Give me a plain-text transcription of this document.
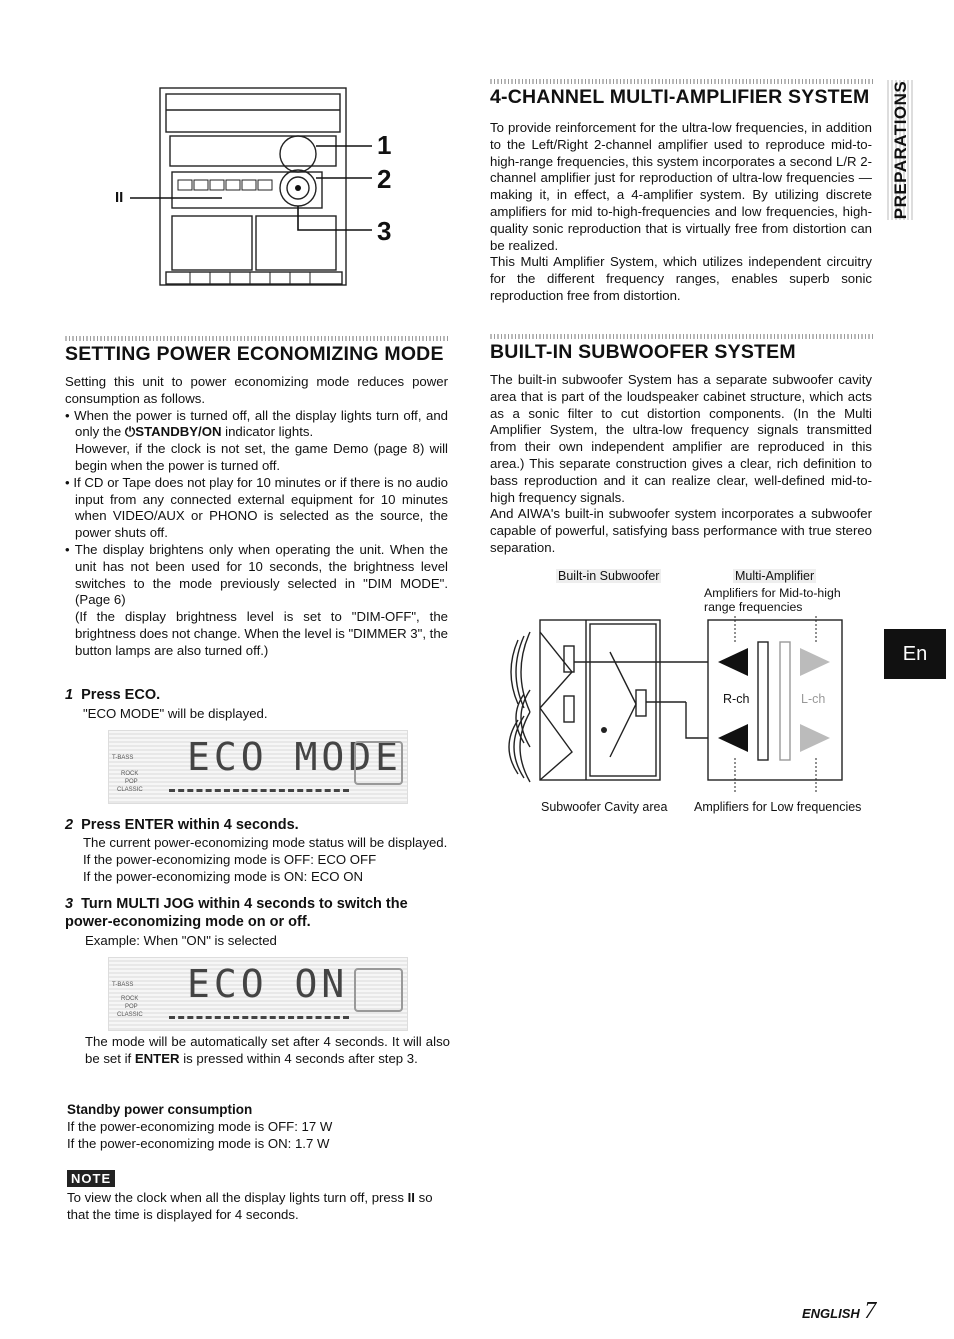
1
2
3
II
4-CHANNEL MULTI-AMPLIFIER SYSTEM

To provide reinforcement for the ultra-low frequencies, in addition to the Left/Right 2-channel amplifier used to reproduce mid-to-high-range frequencies, this system incorporates a second L/R 2-channel amplifier just for reproduction of ultra-low frequencies — making it, in effect, a 4-amplifier system. By utilizing discrete amplifiers for mid to-high-frequencies and low frequencies, high-quality sonic reproduction that is virtually free from distortion can be realized.

This Multi Amplifier System, which utilizes independent circuitry for the different frequency ranges, enables superb sonic reproduction free from distortion.

PREPARATIONS
En
SETTING POWER ECONOMIZING MODE

Setting this unit to power economizing mode reduces power consumption as follows.

• When the power is turned off, all the display lights turn off, and only the ⏻STANDBY/ON indicator lights.

However, if the clock is not set, the game Demo (page 8) will begin when the power is turned off.

• If CD or Tape does not play for 10 minutes or if there is no audio input from any connected external equipment for 10 minutes when VIDEO/AUX or PHONO is selected as the source, the power shuts off.

• The display brightens only when operating the unit. When the unit has not been used for 10 seconds, the brightness level switches to the mode previously selected in "DIM MODE". (Page 6)

(If the display brightness level is set to "DIM-OFF", the brightness does not change. When the level is "DIMMER 3", the button lamps are also turned off.)

1 Press ECO.
"ECO MODE" will be displayed.
T-BASS
ROCK
POP
CLASSIC
ECO MODE
2 Press ENTER within 4 seconds.

The current power-economizing mode status will be displayed.

If the power-economizing mode is OFF: ECO OFF

If the power-economizing mode is ON: ECO ON

3 Turn MULTI JOG within 4 seconds to switch the power-economizing mode on or off.
Example: When "ON" is selected
T-BASS
ROCK
POP
CLASSIC
ECO ON
The mode will be automatically set after 4 seconds. It will also be set if ENTER is pressed within 4 seconds after step 3.
Standby power consumption

If the power-economizing mode is OFF: 17 W

If the power-economizing mode is ON: 1.7 W

NOTE
To view the clock when all the display lights turn off, press II so that the time is displayed for 4 seconds.
BUILT-IN SUBWOOFER SYSTEM

The built-in subwoofer System has a separate subwoofer cavity area that is part of the loudspeaker cabinet structure, which acts as a sonic filter to cut distortion components. (In the Multi Amplifier System, the ultra-low frequency signals transmitted from their own independent amplifier are reproduced in this area.) This separate construction gives a clear, rich definition to bass reproduction and it can realize clear, well-defined mid-to-high frequency signals.

And AIWA's built-in subwoofer system incorporates a subwoofer capable of powerful, satisfying bass performance with true stereo separation.

Built-in Subwoofer	Multi-Amplifier
Amplifiers for Mid-to-high range frequencies
R-ch	L-ch
Subwoofer Cavity area Amplifiers for Low frequencies
ENGLISH 7
